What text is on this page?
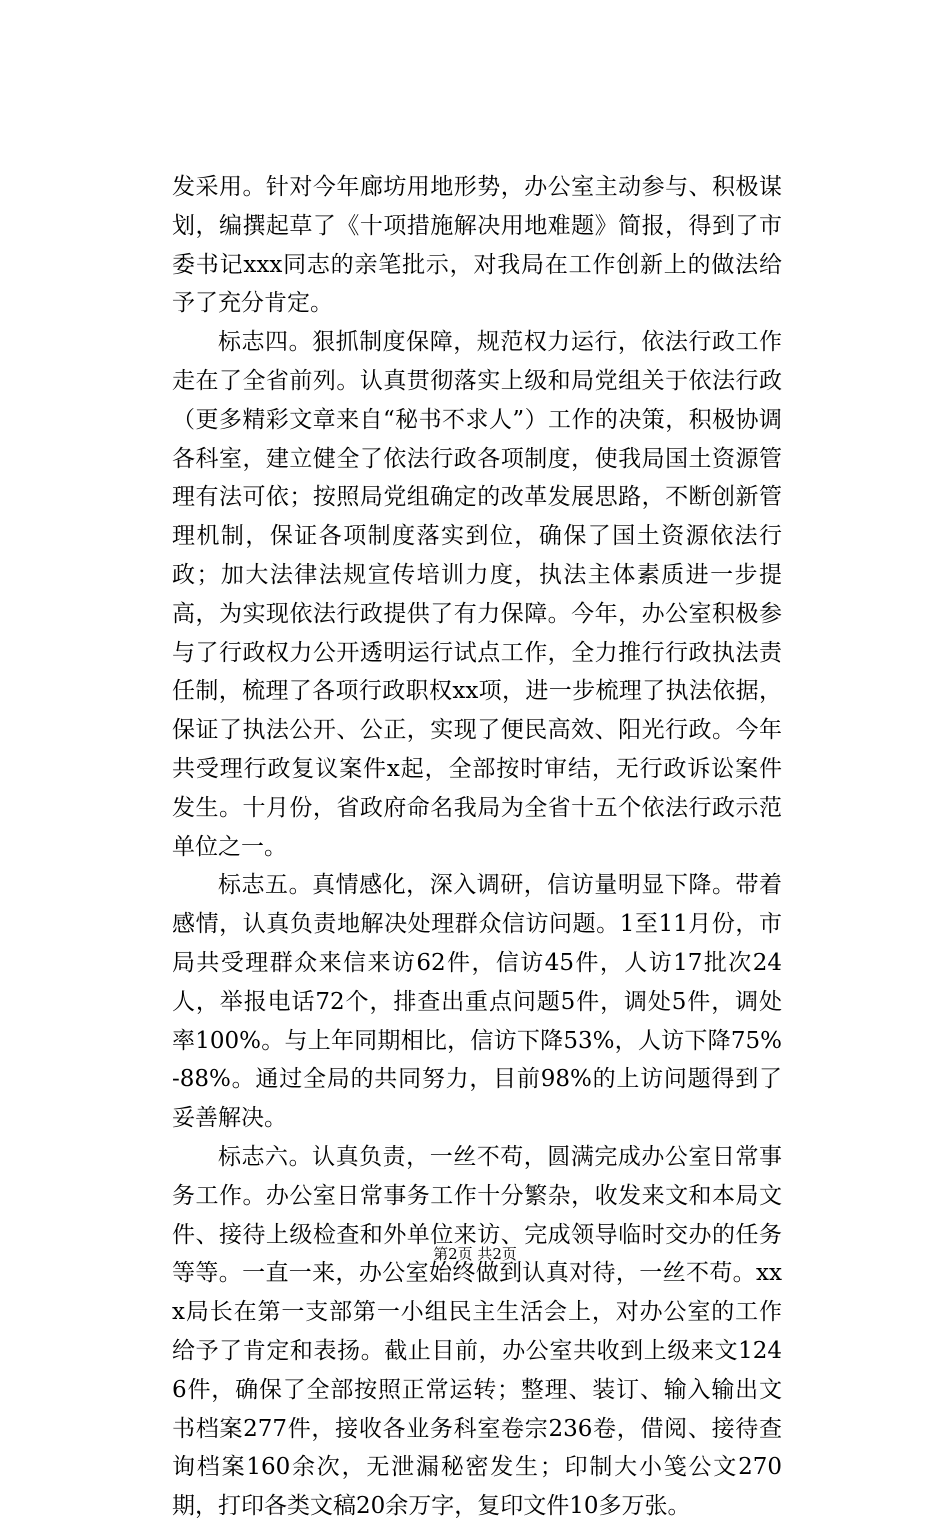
发采用。针对今年廊坊用地形势，办公室主动参与、积极谋划，编撰起草了《十项措施解决用地难题》简报，得到了市委书记xxx同志的亲笔批示，对我局在工作创新上的做法给予了充分肯定。

标志四。狠抓制度保障，规范权力运行，依法行政工作走在了全省前列。认真贯彻落实上级和局党组关于依法行政（更多精彩文章来自“秘书不求人”）工作的决策，积极协调各科室，建立健全了依法行政各项制度，使我局国土资源管理有法可依；按照局党组确定的改革发展思路，不断创新管理机制，保证各项制度落实到位，确保了国土资源依法行政；加大法律法规宣传培训力度，执法主体素质进一步提高，为实现依法行政提供了有力保障。今年，办公室积极参与了行政权力公开透明运行试点工作，全力推行行政执法责任制，梳理了各项行政职权xx项，进一步梳理了执法依据，保证了执法公开、公正，实现了便民高效、阳光行政。今年共受理行政复议案件x起，全部按时审结，无行政诉讼案件发生。十月份，省政府命名我局为全省十五个依法行政示范单位之一。

标志五。真情感化，深入调研，信访量明显下降。带着感情，认真负责地解决处理群众信访问题。1至11月份，市局共受理群众来信来访62件，信访45件，人访17批次24人，举报电话72个，排查出重点问题5件，调处5件，调处率100%。与上年同期相比，信访下降53%，人访下降75%-88%。通过全局的共同努力，目前98%的上访问题得到了妥善解决。

标志六。认真负责，一丝不苟，圆满完成办公室日常事务工作。办公室日常事务工作十分繁杂，收发来文和本局文件、接待上级检查和外单位来访、完成领导临时交办的任务等等。一直一来，办公室始终做到认真对待，一丝不苟。xxx局长在第一支部第一小组民主生活会上，对办公室的工作给予了肯定和表扬。截止目前，办公室共收到上级来文1246件，确保了全部按照正常运转；整理、装订、输入输出文书档案277件，接收各业务科室卷宗236卷，借阅、接待查询档案160余次，无泄漏秘密发生；印制大小笺公文270期，打印各类文稿20余万字，复印文件10多万张。

第2页 共2页
